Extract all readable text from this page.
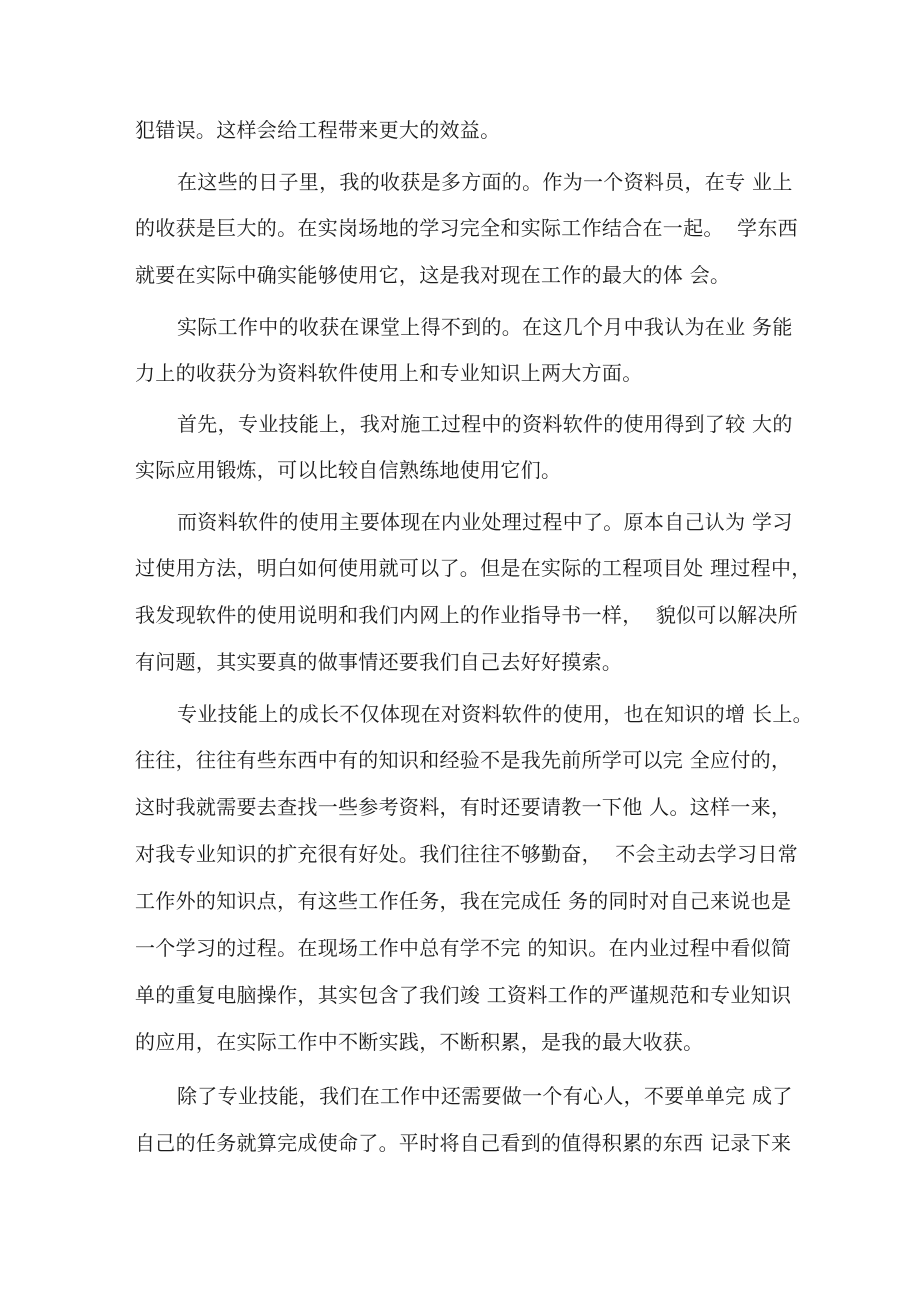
犯错误。这样会给工程带来更大的效益。
在这些的日子里，我的收获是多方面的。作为一个资料员，在专 业上
的收获是巨大的。在实岗场地的学习完全和实际工作结合在一起。  学东西
就要在实际中确实能够使用它，这是我对现在工作的最大的体 会。
实际工作中的收获在课堂上得不到的。在这几个月中我认为在业 务能
力上的收获分为资料软件使用上和专业知识上两大方面。
首先，专业技能上，我对施工过程中的资料软件的使用得到了较 大的
实际应用锻炼，可以比较自信熟练地使用它们。
而资料软件的使用主要体现在内业处理过程中了。原本自己认为 学习
过使用方法，明白如何使用就可以了。但是在实际的工程项目处 理过程中，
我发现软件的使用说明和我们内网上的作业指导书一样，  貌似可以解决所
有问题，其实要真的做事情还要我们自己去好好摸索。
专业技能上的成长不仅体现在对资料软件的使用，也在知识的增 长上。
往往，往往有些东西中有的知识和经验不是我先前所学可以完 全应付的，
这时我就需要去查找一些参考资料，有时还要请教一下他 人。这样一来，
对我专业知识的扩充很有好处。我们往往不够勤奋，  不会主动去学习日常
工作外的知识点，有这些工作任务，我在完成任 务的同时对自己来说也是
一个学习的过程。在现场工作中总有学不完 的知识。在内业过程中看似简
单的重复电脑操作，其实包含了我们竣 工资料工作的严谨规范和专业知识
的应用，在实际工作中不断实践，不断积累，是我的最大收获。
除了专业技能，我们在工作中还需要做一个有心人，不要单单完 成了
自己的任务就算完成使命了。平时将自己看到的值得积累的东西 记录下来
